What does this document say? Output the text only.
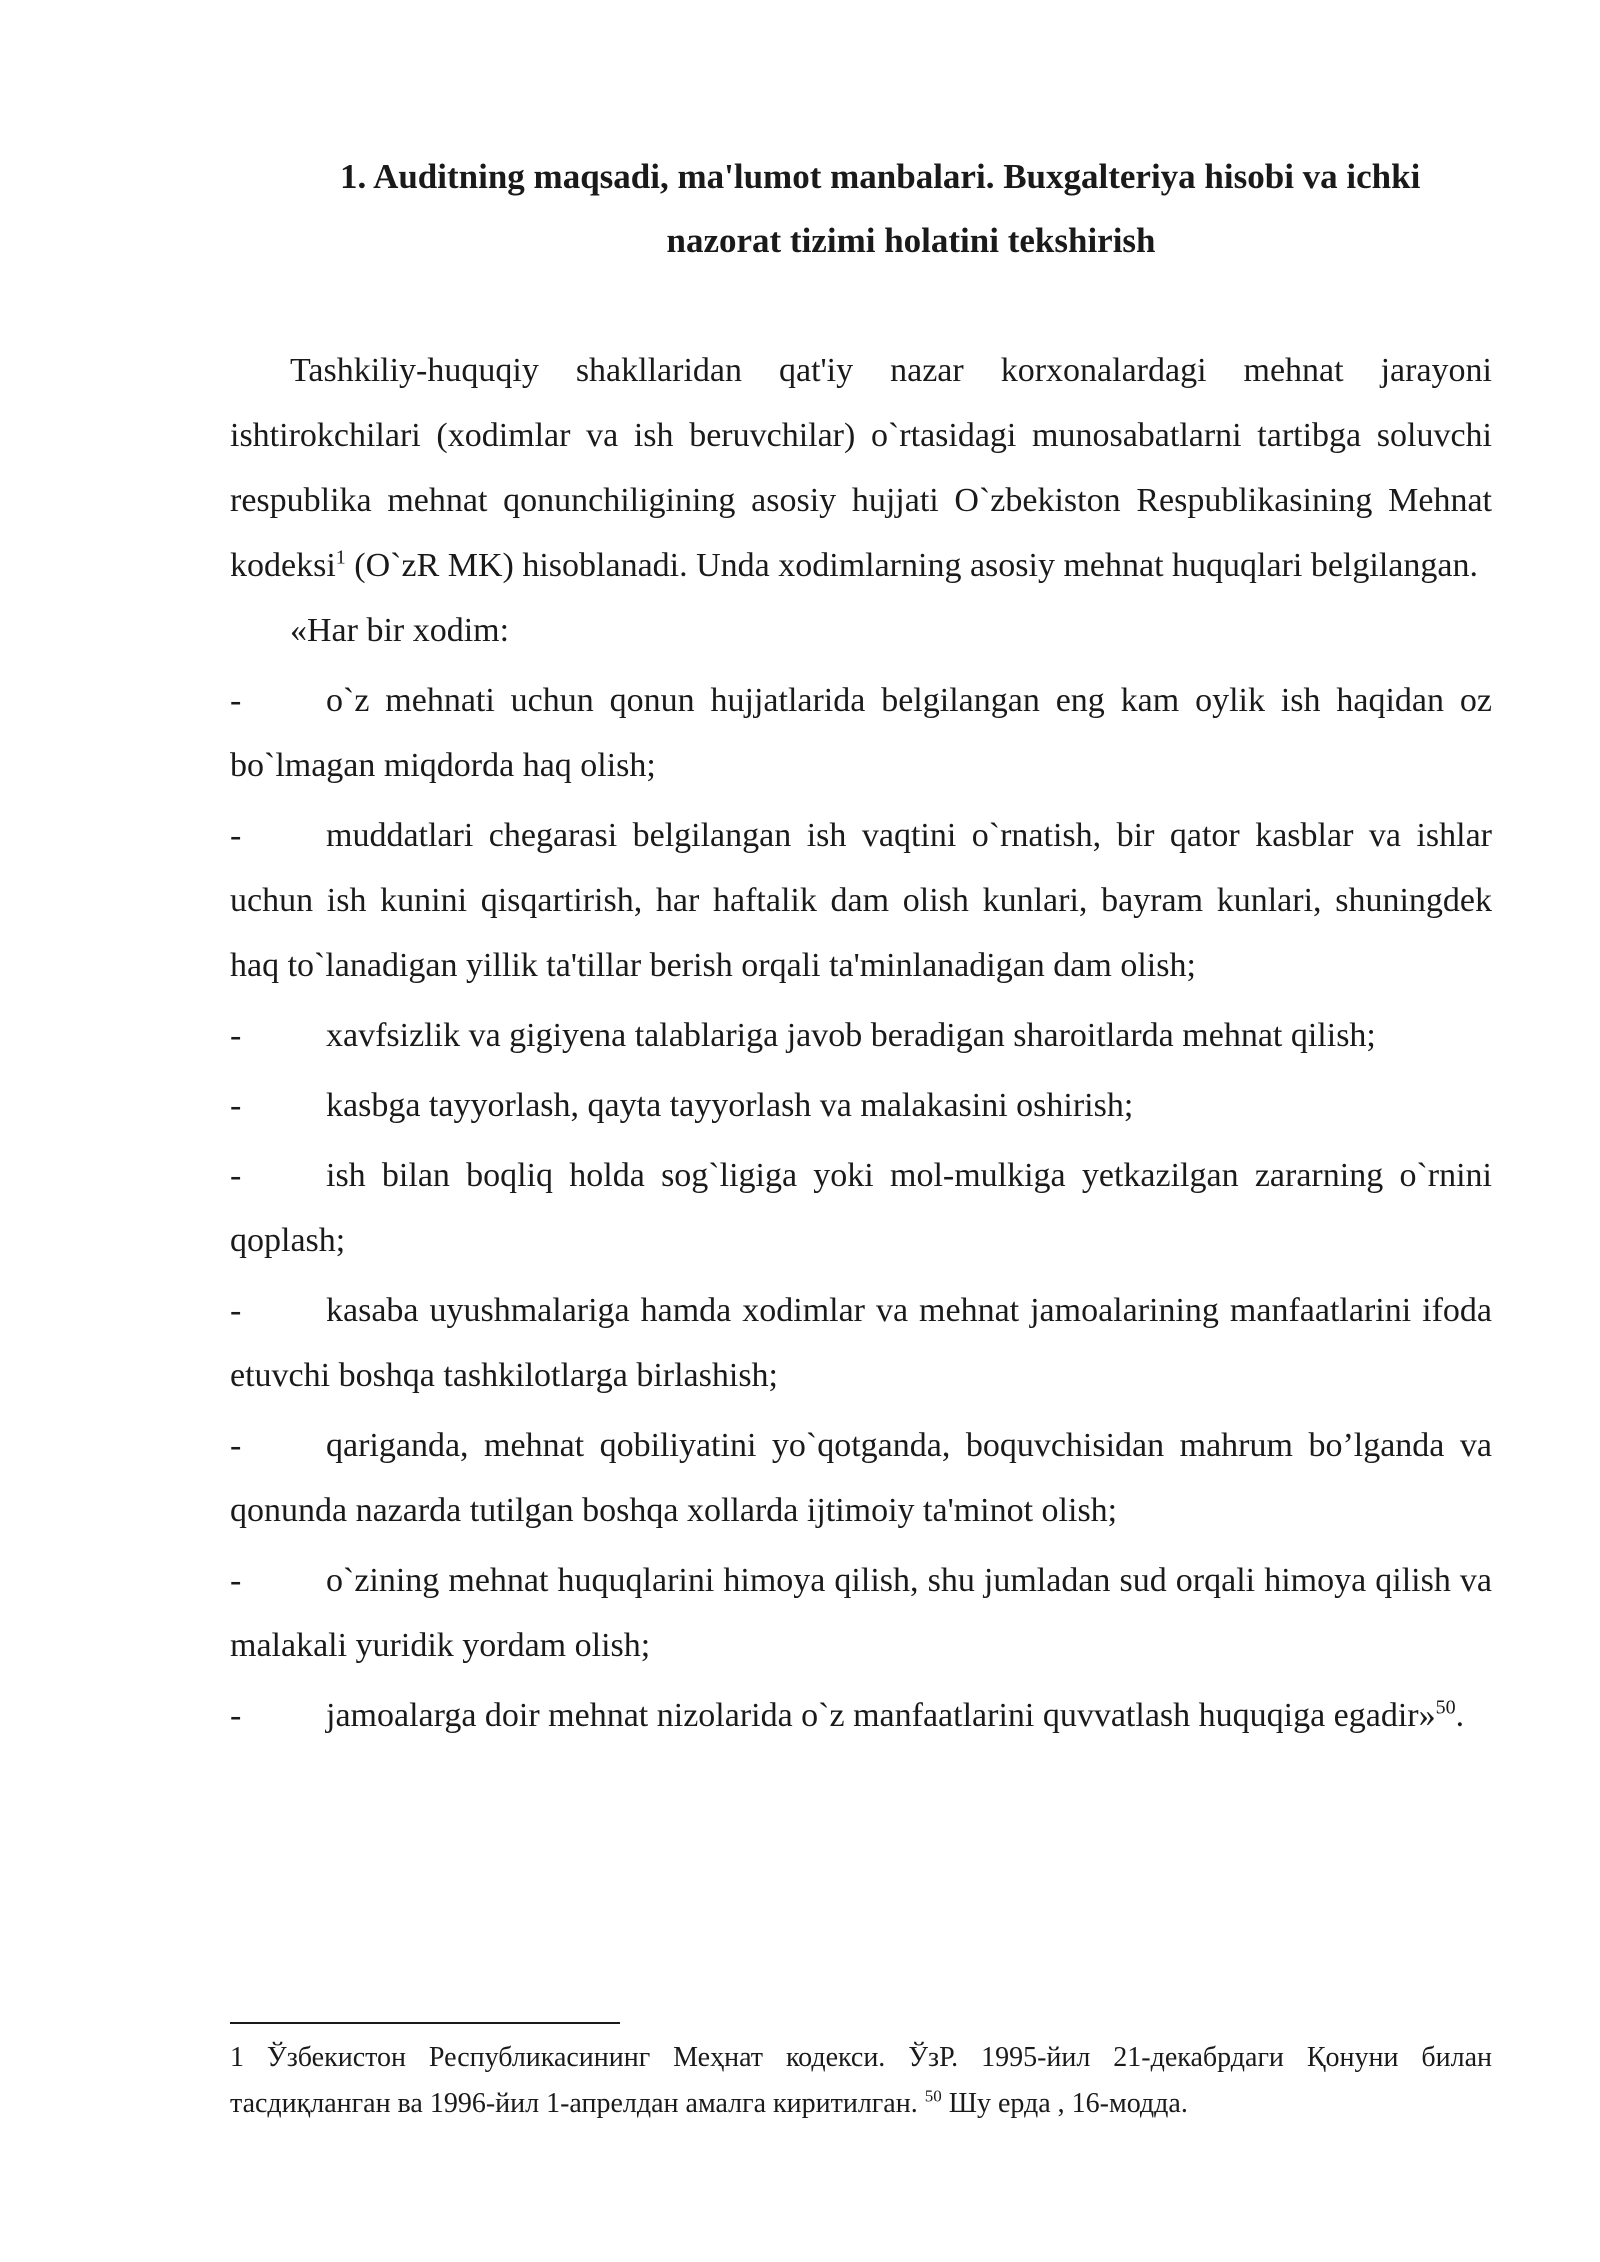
1. Auditning maqsadi, ma'lumot manbalari. Buxgalteriya hisobi va ichki
nazorat tizimi holatini tekshirish

Tashkiliy-huquqiy shakllaridan qat'iy nazar korxonalardagi mehnat jarayoni ishtirokchilari (xodimlar va ish beruvchilar) o`rtasidagi munosabatlarni tartibga soluvchi respublika mehnat qonunchiligining asosiy hujjati O`zbekiston Respublikasining Mehnat kodeksi$^1$ (O`zR MK) hisoblanadi. Unda xodimlarning asosiy mehnat huquqlari belgilangan.

«Har bir xodim:

- o`z mehnati uchun qonun hujjatlarida belgilangan eng kam oylik ish haqidan oz bo`lmagan miqdorda haq olish;

- muddatlari chegarasi belgilangan ish vaqtini o`rnatish, bir qator kasblar va ishlar uchun ish kunini qisqartirish, har haftalik dam olish kunlari, bayram kunlari, shuningdek haq to`lanadigan yillik ta'tillar berish orqali ta'minlanadigan dam olish;

- xavfsizlik va gigiyena talablariga javob beradigan sharoitlarda mehnat qilish;

- kasbga tayyorlash, qayta tayyorlash va malakasini oshirish;

- ish bilan boqliq holda sog`ligiga yoki mol-mulkiga yetkazilgan zararning o`rnini qoplash;

- kasaba uyushmalariga hamda xodimlar va mehnat jamoalarining manfaatlarini ifoda etuvchi boshqa tashkilotlarga birlashish;

- qariganda, mehnat qobiliyatini yo`qotganda, boquvchisidan mahrum bo’lganda va qonunda nazarda tutilgan boshqa xollarda ijtimoiy ta'minot olish;

- o`zining mehnat huquqlarini himoya qilish, shu jumladan sud orqali himoya qilish va malakali yuridik yordam olish;

- jamoalarga doir mehnat nizolarida o`z manfaatlarini quvvatlash huquqiga egadir»$^{50}$.

1 Ўзбекистон Республикасининг Меҳнат кодекси. ЎзР. 1995-йил 21-декабрдаги Қонуни билан тасдиқланган ва 1996-йил 1-апрелдан амалга киритилган. $^{50}$ Шу ерда , 16-модда.
